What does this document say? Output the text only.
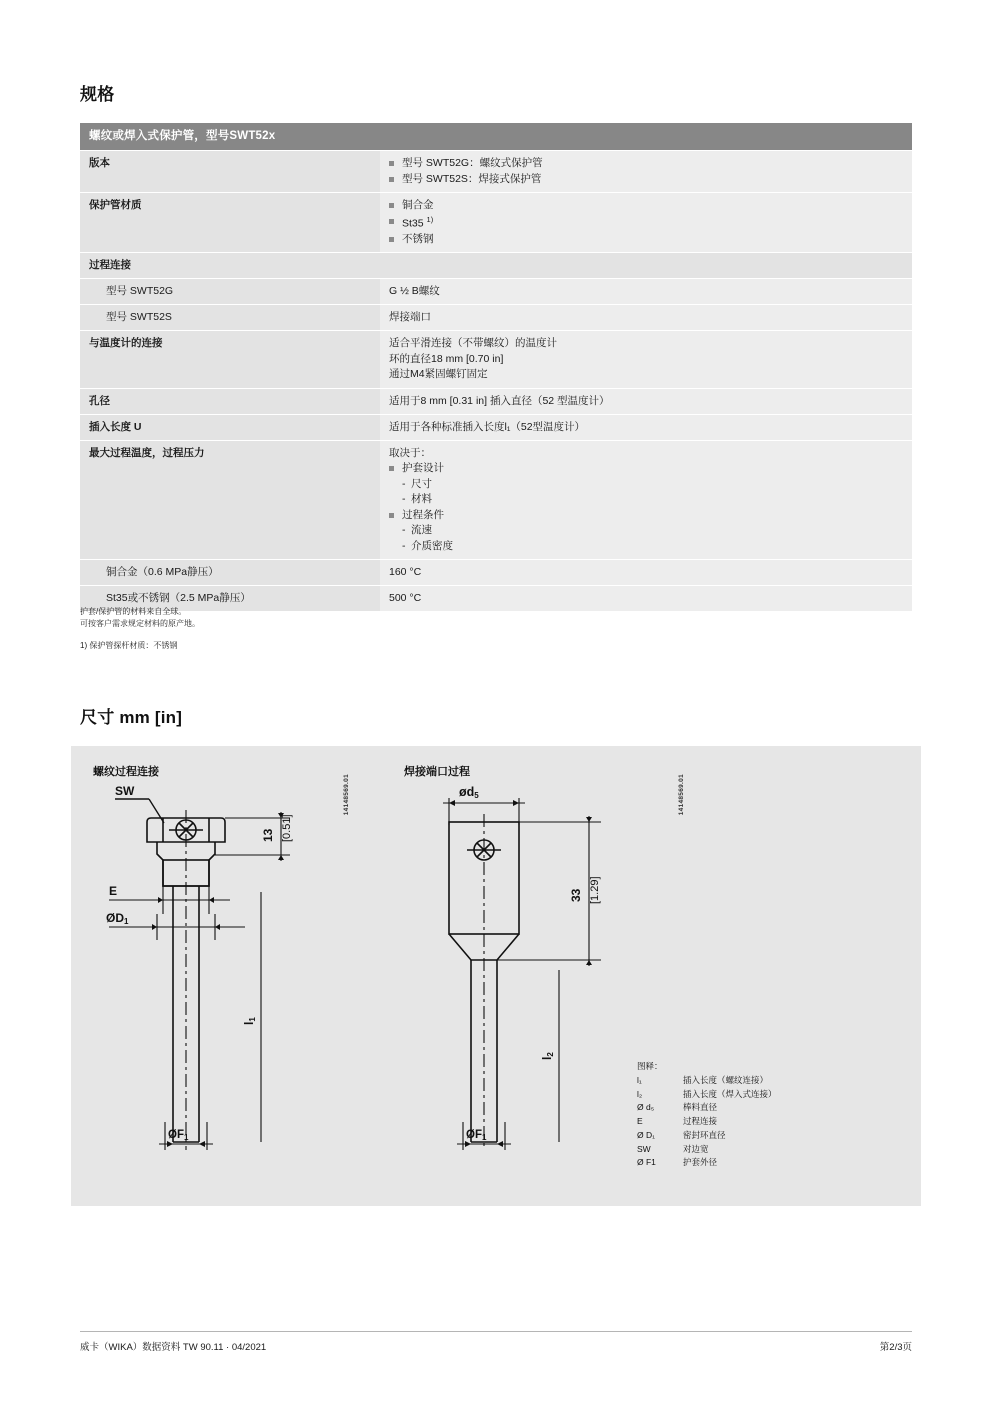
规格
螺纹或焊入式保护管，型号SWT52x	
版本	型号 SWT52G：螺纹式保护管
型号 SWT52S：焊接式保护管

保护管材质	铜合金
St35 $^{1)}$
不锈钢

过程连接	
型号 SWT52G	G ½ B螺纹
型号 SWT52S	焊接端口
与温度计的连接	适合平滑连接（不带螺纹）的温度计
环的直径18 mm [0.70 in]
通过M4紧固螺钉固定

孔径	适用于8 mm [0.31 in] 插入直径（52 型温度计）
插入长度 U	适用于各种标准插入长度l₁（52型温度计）
最大过程温度，过程压力	取决于：
护套设计
- 尺寸
- 材料
过程条件
- 流速
- 介质密度

铜合金（0.6 MPa静压）	160 °C
St35或不锈钢（2.5 MPa静压）	500 °C
护套/保护管的材料来自全球。
可按客户需求规定材料的原产地。
1) 保护管探杆材质：不锈钢
尺寸 mm [in]
螺纹过程连接	焊接端口过程
14148569.01	14148569.01
SW
13 [0.51]
E
ØD1
l1
ØF1
ød5
33 [1.29]
l2
ØF1
图释：
l₁	插入长度（螺纹连接）
l₂	插入长度（焊入式连接）
Ø d₅	棒料直径
E	过程连接
Ø D₁	密封环直径
SW	对边宽
Ø F1	护套外径
威卡（WIKA）数据资料 TW 90.11 · 04/2021	第2/3页
